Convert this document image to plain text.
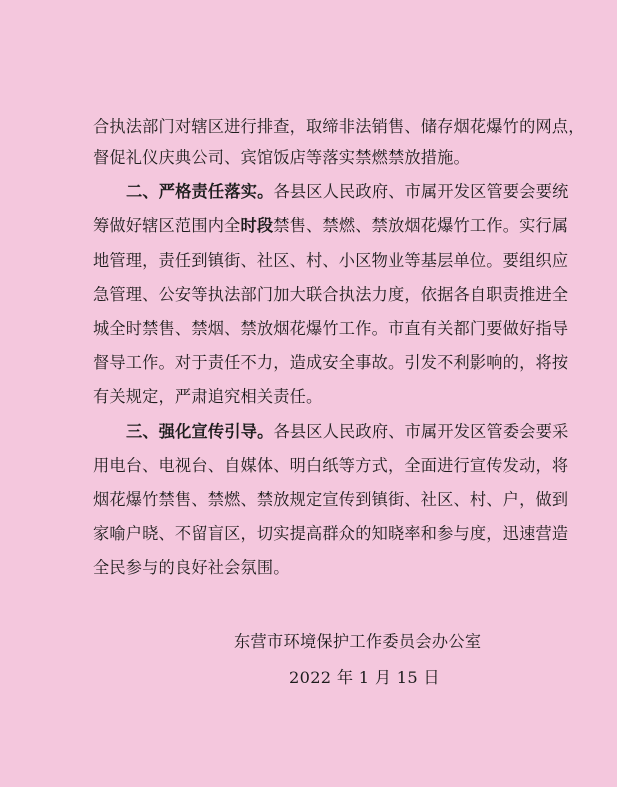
合执法部门对辖区进行排查，取缔非法销售、储存烟花爆竹的网点，
督促礼仪庆典公司、宾馆饭店等落实禁燃禁放措施。
二、严格责任落实。各县区人民政府、市属开发区管要会要统
筹做好辖区范围内全时段禁售、禁燃、禁放烟花爆竹工作。实行属
地管理，责任到镇街、社区、村、小区物业等基层单位。要组织应
急管理、公安等执法部门加大联合执法力度，依据各自职责推进全
城全时禁售、禁烟、禁放烟花爆竹工作。市直有关都门要做好指导
督导工作。对于责任不力，造成安全事故。引发不利影响的，将按
有关规定，严肃追究相关责任。
三、强化宣传引导。各县区人民政府、市属开发区管委会要采
用电台、电视台、自媒体、明白纸等方式，全面进行宣传发动，将
烟花爆竹禁售、禁燃、禁放规定宣传到镇街、社区、村、户，做到
家喻户晓、不留盲区，切实提高群众的知晓率和参与度，迅速营造
全民参与的良好社会氛围。
东营市环境保护工作委员会办公室
2022 年 1 月 15 日
